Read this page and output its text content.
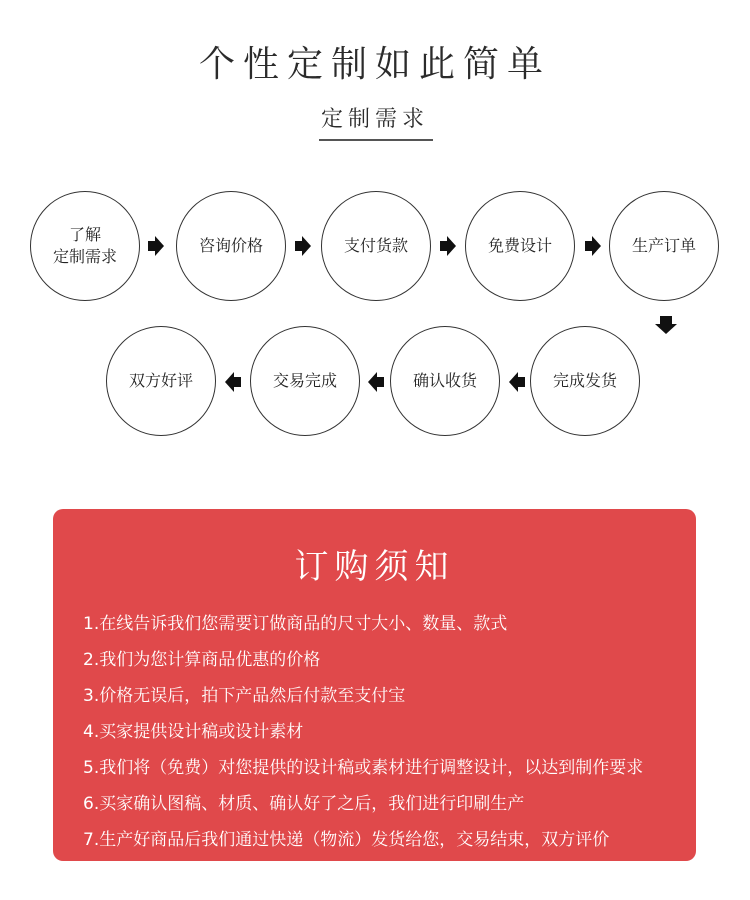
个性定制如此简单
定制需求
了解
定制需求
咨询价格	支付货款	免费设计	生产订单
完成发货
确认收货
交易完成
双方好评
订购须知
1.在线告诉我们您需要订做商品的尺寸大小、数量、款式
2.我们为您计算商品优惠的价格
3.价格无误后，拍下产品然后付款至支付宝
4.买家提供设计稿或设计素材
5.我们将（免费）对您提供的设计稿或素材进行调整设计，以达到制作要求
6.买家确认图稿、材质、确认好了之后，我们进行印刷生产
7.生产好商品后我们通过快递（物流）发货给您，交易结束，双方评价
